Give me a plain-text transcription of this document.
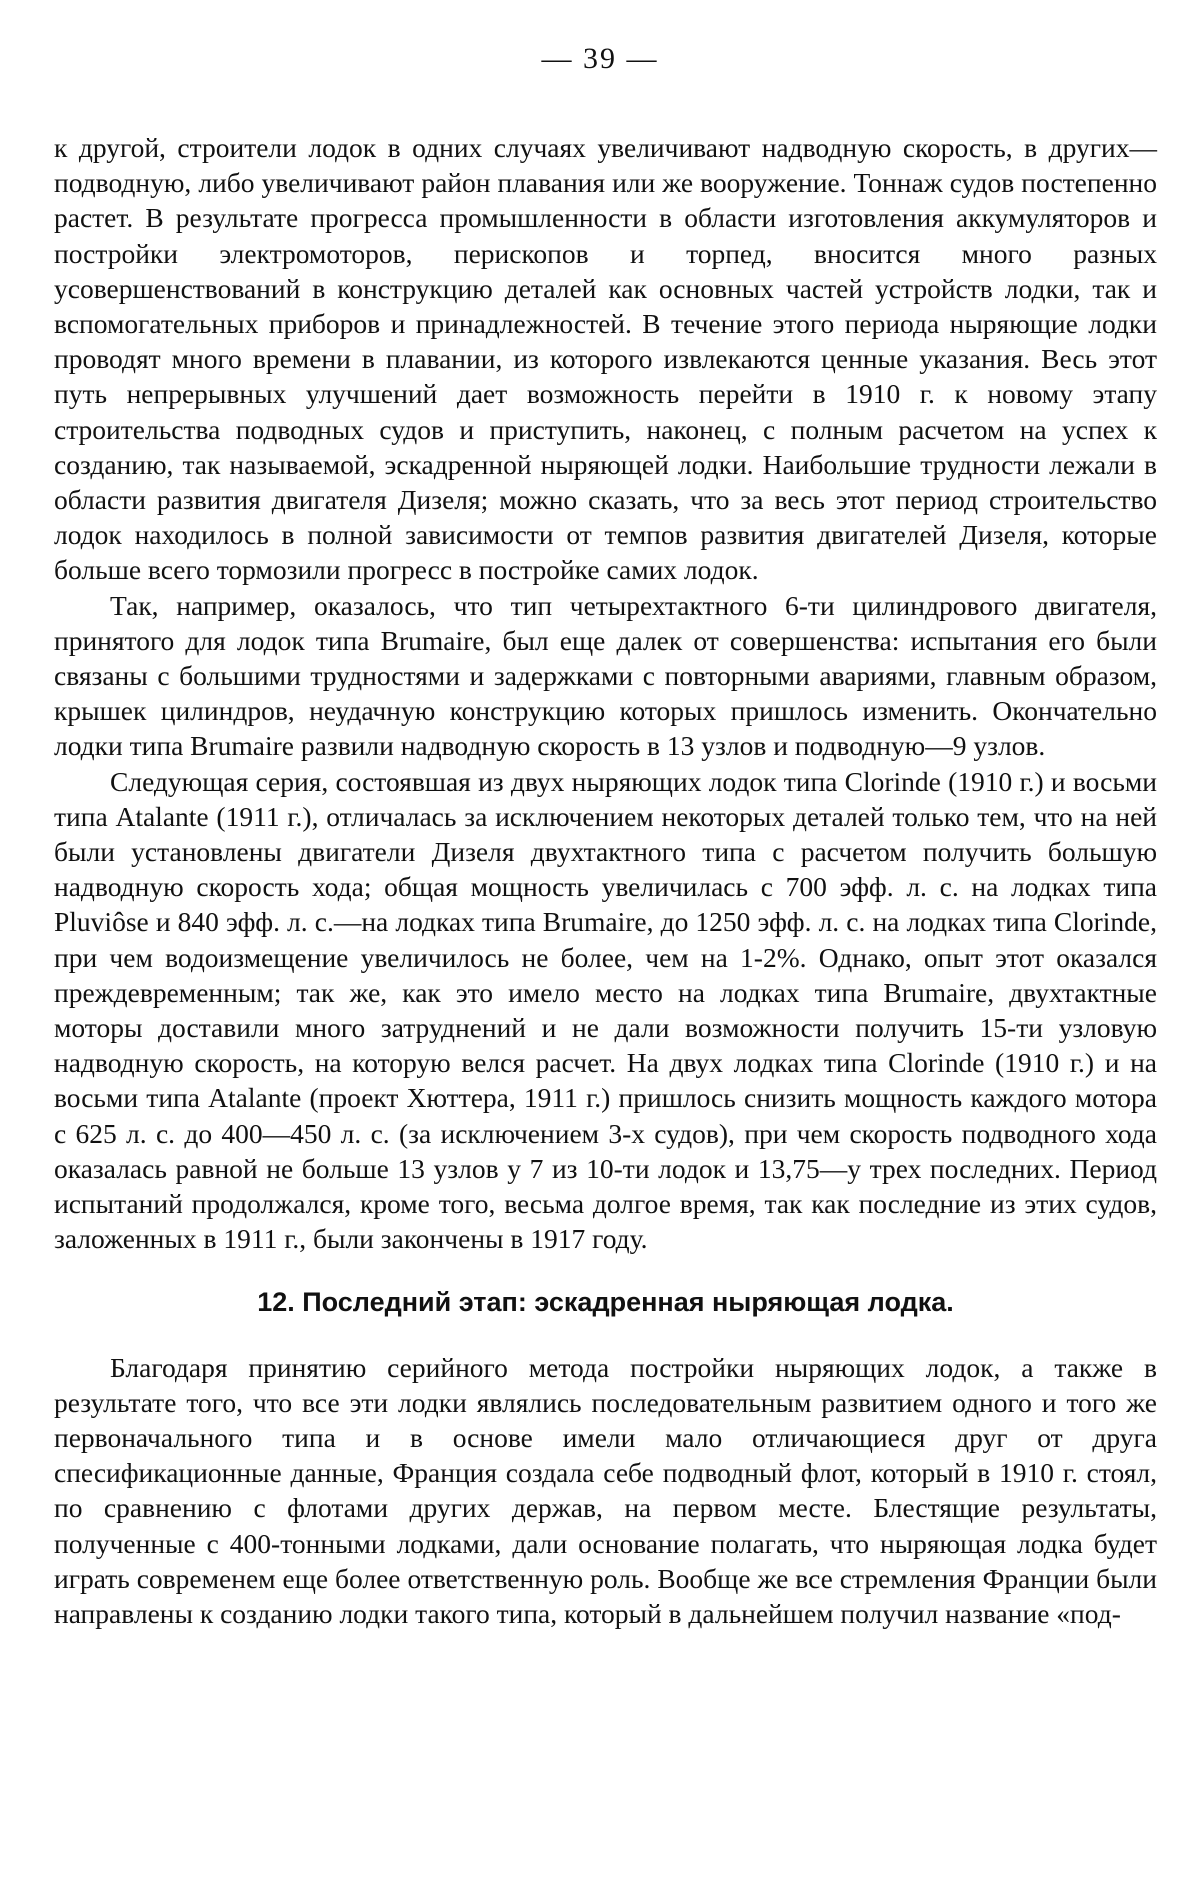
— 39 —

к другой, строители лодок в одних случаях увеличивают надводную скорость, в других—подводную, либо увеличивают район плавания или же вооружение. Тоннаж судов постепенно растет. В результате прогресса промышленности в области изготовления аккумуляторов и постройки электромоторов, перископов и торпед, вносится много разных усовершенствований в конструкцию деталей как основных частей устройств лодки, так и вспомогательных приборов и принадлежностей. В течение этого периода ныряющие лодки проводят много времени в плавании, из которого извлекаются ценные указания. Весь этот путь непрерывных улучшений дает возможность перейти в 1910 г. к новому этапу строительства подводных судов и приступить, наконец, с полным расчетом на успех к созданию, так называемой, эскадренной ныряющей лодки. Наибольшие трудности лежали в области развития двигателя Дизеля; можно сказать, что за весь этот период строительство лодок находилось в полной зависимости от темпов развития двигателей Дизеля, которые больше всего тормозили прогресс в постройке самих лодок.

Так, например, оказалось, что тип четырехтактного 6-ти цилиндрового двигателя, принятого для лодок типа Brumaire, был еще далек от совершенства: испытания его были связаны с большими трудностями и задержками с повторными авариями, главным образом, крышек цилиндров, неудачную конструкцию которых пришлось изменить. Окончательно лодки типа Brumaire развили надводную скорость в 13 узлов и подводную—9 узлов.

Следующая серия, состоявшая из двух ныряющих лодок типа Clorinde (1910 г.) и восьми типа Atalante (1911 г.), отличалась за исключением некоторых деталей только тем, что на ней были установлены двигатели Дизеля двухтактного типа с расчетом получить большую надводную скорость хода; общая мощность увеличилась с 700 эфф. л. с. на лодках типа Pluviôse и 840 эфф. л. с.—на лодках типа Brumaire, до 1250 эфф. л. с. на лодках типа Clorinde, при чем водоизмещение увеличилось не более, чем на 1-2%. Однако, опыт этот оказался преждевременным; так же, как это имело место на лодках типа Brumaire, двухтактные моторы доставили много затруднений и не дали возможности получить 15-ти узловую надводную скорость, на которую велся расчет. На двух лодках типа Clorinde (1910 г.) и на восьми типа Atalante (проект Хюттера, 1911 г.) пришлось снизить мощность каждого мотора с 625 л. с. до 400—450 л. с. (за исключением 3-х судов), при чем скорость подводного хода оказалась равной не больше 13 узлов у 7 из 10-ти лодок и 13,75—у трех последних. Период испытаний продолжался, кроме того, весьма долгое время, так как последние из этих судов, заложенных в 1911 г., были закончены в 1917 году.

12. Последний этап: эскадренная ныряющая лодка.

Благодаря принятию серийного метода постройки ныряющих лодок, а также в результате того, что все эти лодки являлись последовательным развитием одного и того же первоначального типа и в основе имели мало отличающиеся друг от друга спесификационные данные, Франция создала себе подводный флот, который в 1910 г. стоял, по сравнению с флотами других держав, на первом месте. Блестящие результаты, полученные с 400-тонными лодками, дали основание полагать, что ныряющая лодка будет играть современем еще более ответственную роль. Вообще же все стремления Франции были направлены к созданию лодки такого типа, который в дальнейшем получил название «под-
